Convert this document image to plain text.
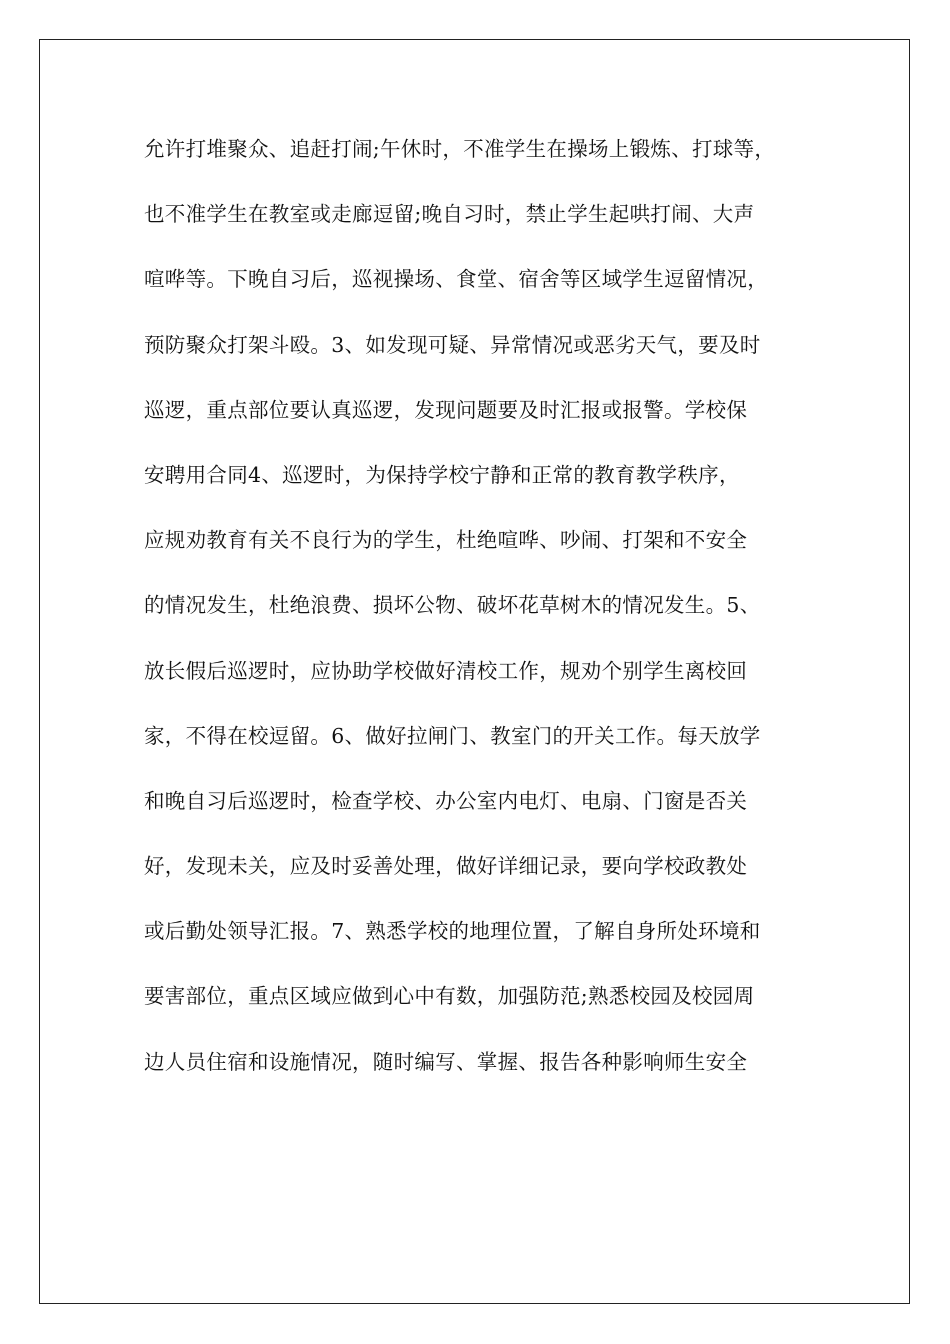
允许打堆聚众、追赶打闹;午休时，不准学生在操场上锻炼、打球等，
也不准学生在教室或走廊逗留;晚自习时，禁止学生起哄打闹、大声
喧哗等。下晚自习后，巡视操场、食堂、宿舍等区域学生逗留情况，
预防聚众打架斗殴。3、如发现可疑、异常情况或恶劣天气，要及时
巡逻，重点部位要认真巡逻，发现问题要及时汇报或报警。学校保
安聘用合同4、巡逻时，为保持学校宁静和正常的教育教学秩序，
应规劝教育有关不良行为的学生，杜绝喧哗、吵闹、打架和不安全
的情况发生，杜绝浪费、损坏公物、破坏花草树木的情况发生。5、
放长假后巡逻时，应协助学校做好清校工作，规劝个别学生离校回
家，不得在校逗留。6、做好拉闸门、教室门的开关工作。每天放学
和晚自习后巡逻时，检查学校、办公室内电灯、电扇、门窗是否关
好，发现未关，应及时妥善处理，做好详细记录，要向学校政教处
或后勤处领导汇报。7、熟悉学校的地理位置，了解自身所处环境和
要害部位，重点区域应做到心中有数，加强防范;熟悉校园及校园周
边人员住宿和设施情况，随时编写、掌握、报告各种影响师生安全
